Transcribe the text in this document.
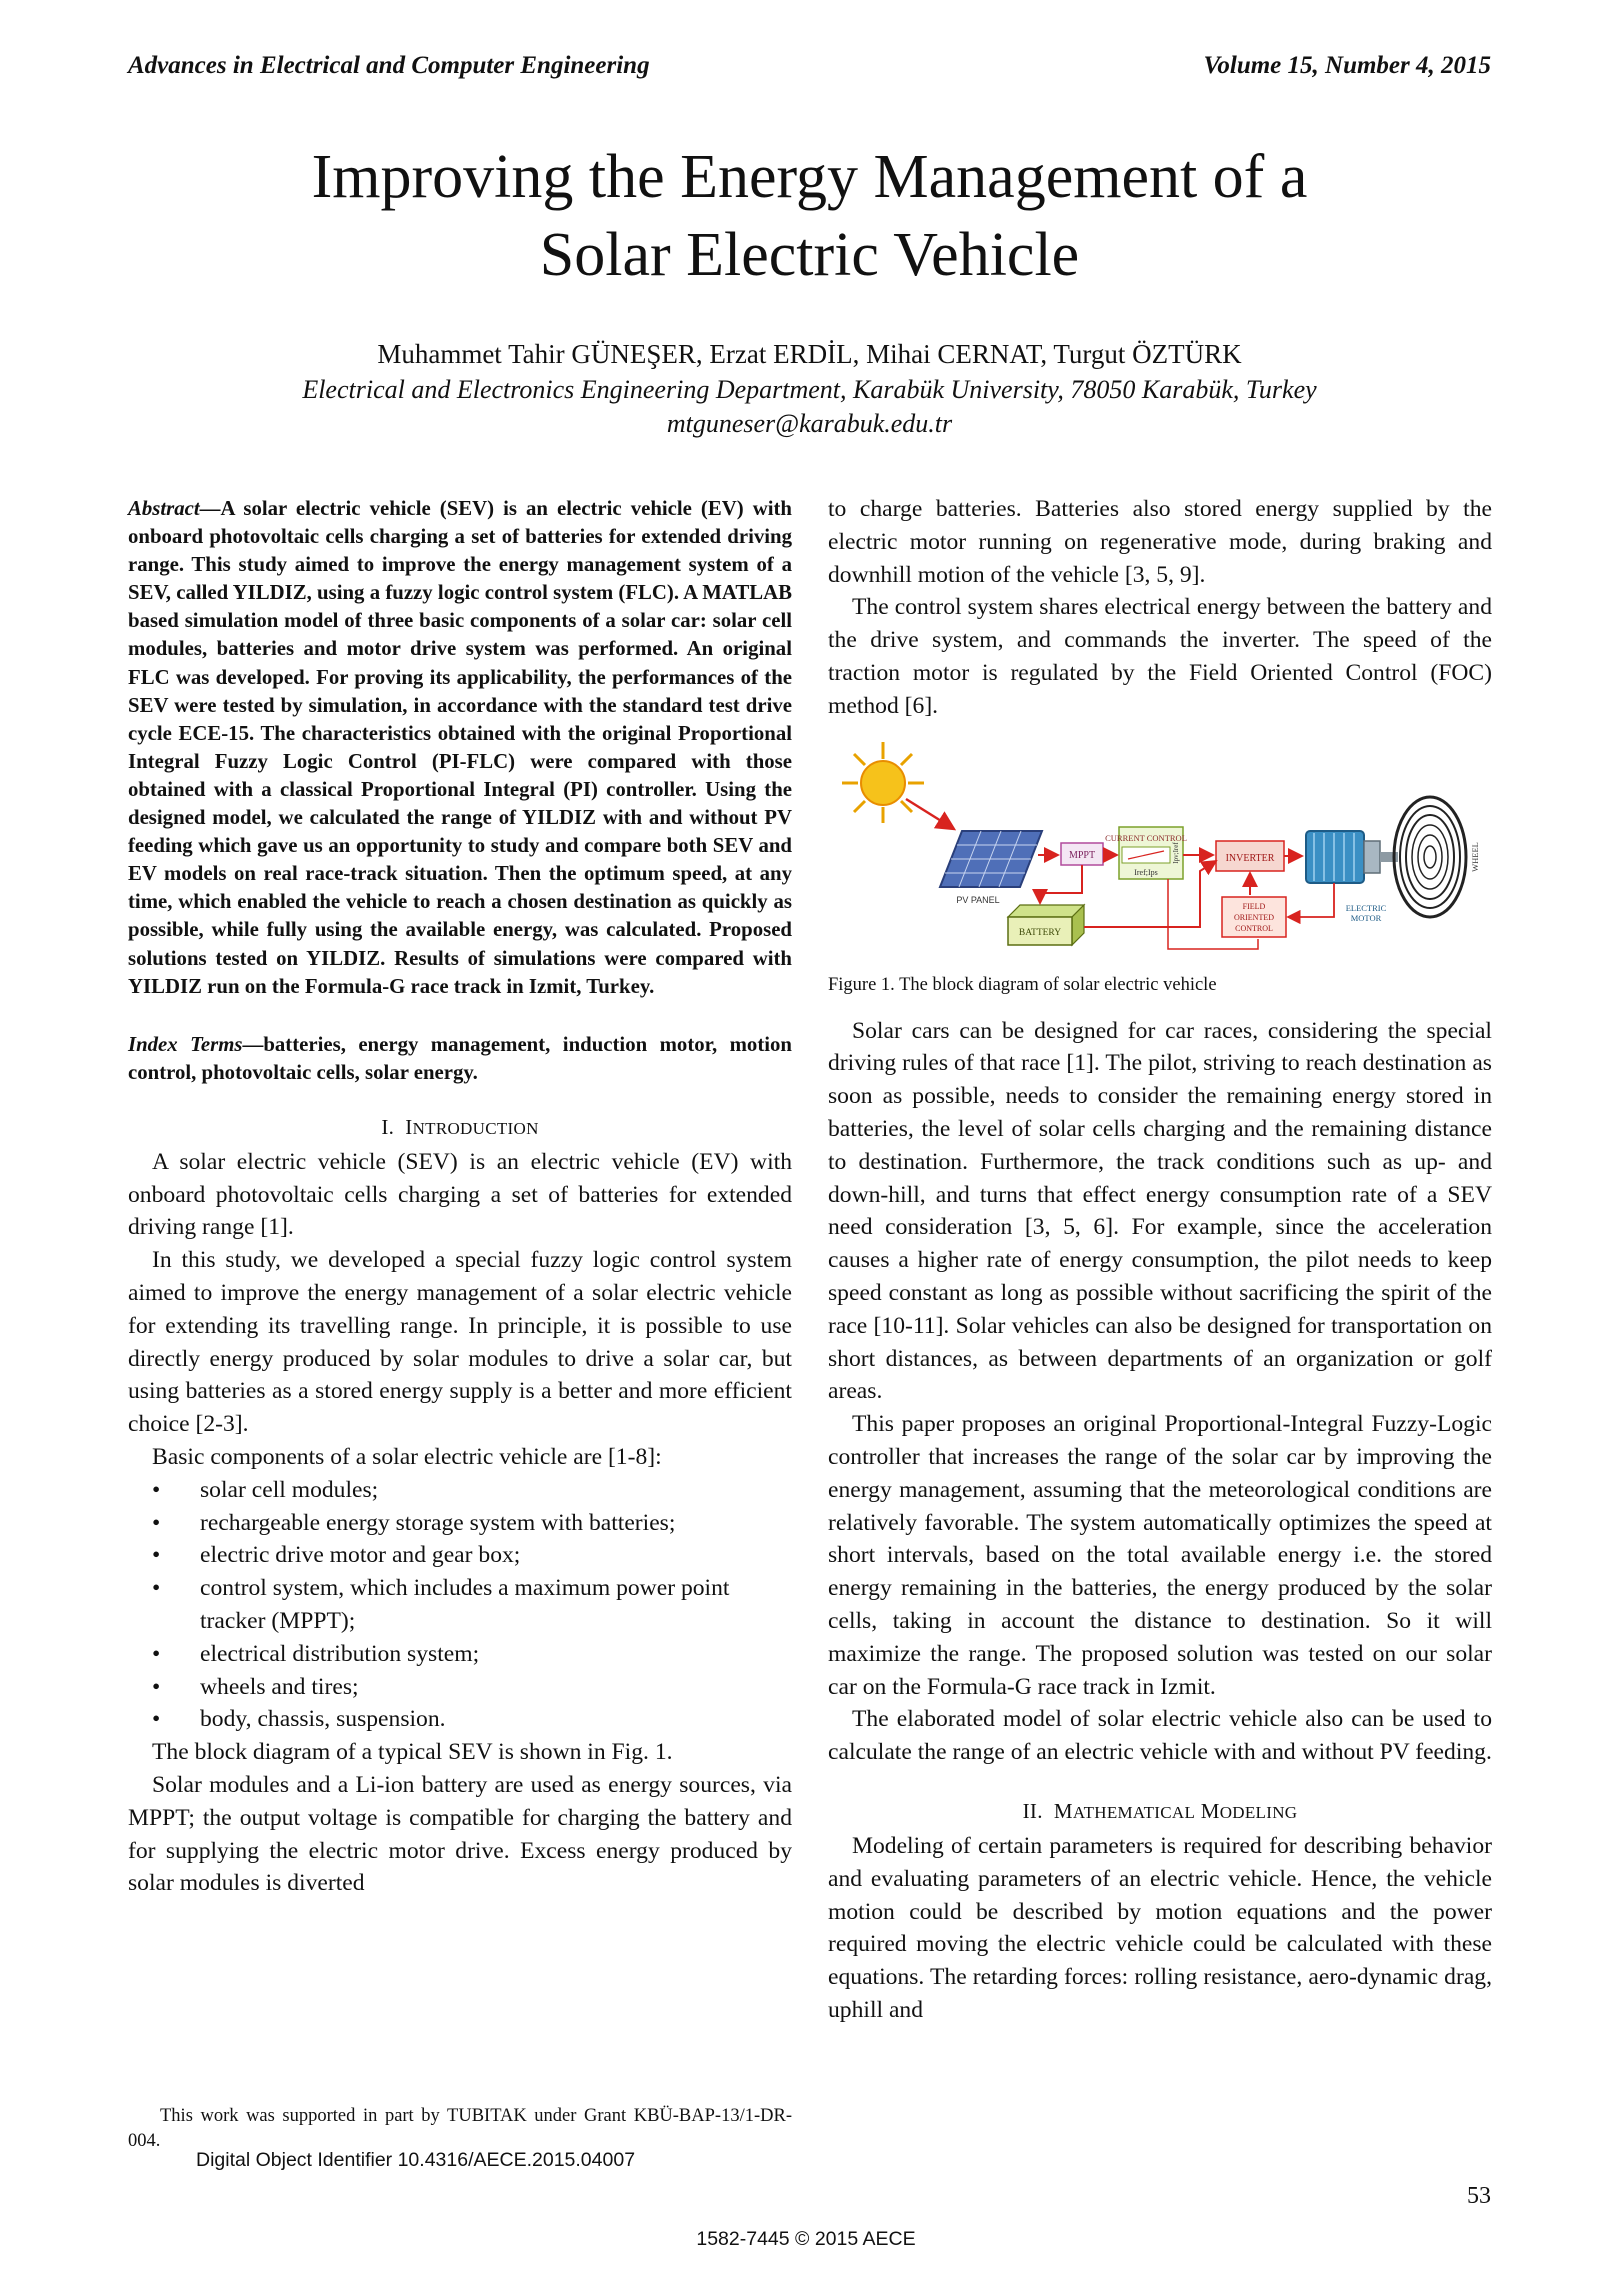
Advances in Electrical and Computer Engineering	Volume 15, Number 4, 2015
Improving the Energy Management of a
Solar Electric Vehicle
Muhammet Tahir GÜNEŞER, Erzat ERDİL, Mihai CERNAT, Turgut ÖZTÜRK
Electrical and Electronics Engineering Department, Karabük University, 78050 Karabük, Turkey
mtguneser@karabuk.edu.tr

Abstract—A solar electric vehicle (SEV) is an electric vehicle (EV) with onboard photovoltaic cells charging a set of batteries for extended driving range. This study aimed to improve the energy management system of a SEV, called YILDIZ, using a fuzzy logic control system (FLC). A MATLAB based simulation model of three basic components of a solar car: solar cell modules, batteries and motor drive system was performed. An original FLC was developed. For proving its applicability, the performances of the SEV were tested by simulation, in accordance with the standard test drive cycle ECE-15. The characteristics obtained with the original Proportional Integral Fuzzy Logic Control (PI-FLC) were compared with those obtained with a classical Proportional Integral (PI) controller. Using the designed model, we calculated the range of YILDIZ with and without PV feeding which gave us an opportunity to study and compare both SEV and EV models on real race-track situation. Then the optimum speed, at any time, which enabled the vehicle to reach a chosen destination as quickly as possible, while fully using the available energy, was calculated. Proposed solutions tested on YILDIZ. Results of simulations were compared with YILDIZ run on the Formula-G race track in Izmit, Turkey.

Index Terms—batteries, energy management, induction motor, motion control, photovoltaic cells, solar energy.

I. INTRODUCTION

A solar electric vehicle (SEV) is an electric vehicle (EV) with onboard photovoltaic cells charging a set of batteries for extended driving range [1].

In this study, we developed a special fuzzy logic control system aimed to improve the energy management of a solar electric vehicle for extending its travelling range. In principle, it is possible to use directly energy produced by solar modules to drive a solar car, but using batteries as a stored energy supply is a better and more efficient choice [2-3].

Basic components of a solar electric vehicle are [1-8]:

• solar cell modules;
• rechargeable energy storage system with batteries;
• electric drive motor and gear box;
• control system, which includes a maximum power point tracker (MPPT);
• electrical distribution system;
• wheels and tires;
• body, chassis, suspension.

The block diagram of a typical SEV is shown in Fig. 1.

Solar modules and a Li-ion battery are used as energy sources, via MPPT; the output voltage is compatible for charging the battery and for supplying the electric motor drive. Excess energy produced by solar modules is diverted

to charge batteries. Batteries also stored energy supplied by the electric motor running on regenerative mode, during braking and downhill motion of the vehicle [3, 5, 9].

The control system shares electrical energy between the battery and the drive system, and commands the inverter. The speed of the traction motor is regulated by the Field Oriented Control (FOC) method [6].

PV PANEL
MPPT
CURRENT CONTROL
Iref;Ips
Ipv;Iref	INVERTER
ELECTRIC
MOTOR
WHEEL
BATTERY
FIELD
ORIENTED
CONTROL
Figure 1. The block diagram of solar electric vehicle

Solar cars can be designed for car races, considering the special driving rules of that race [1]. The pilot, striving to reach destination as soon as possible, needs to consider the remaining energy stored in batteries, the level of solar cells charging and the remaining distance to destination. Furthermore, the track conditions such as up- and down-hill, and turns that effect energy consumption rate of a SEV need consideration [3, 5, 6]. For example, since the acceleration causes a higher rate of energy consumption, the pilot needs to keep speed constant as long as possible without sacrificing the spirit of the race [10-11]. Solar vehicles can also be designed for transportation on short distances, as between departments of an organization or golf areas.

This paper proposes an original Proportional-Integral Fuzzy-Logic controller that increases the range of the solar car by improving the energy management, assuming that the meteorological conditions are relatively favorable. The system automatically optimizes the speed at short intervals, based on the total available energy i.e. the stored energy remaining in the batteries, the energy produced by the solar cells, taking in account the distance to destination. So it will maximize the range. The proposed solution was tested on our solar car on the Formula-G race track in Izmit.

The elaborated model of solar electric vehicle also can be used to calculate the range of an electric vehicle with and without PV feeding.

II. MATHEMATICAL MODELING

Modeling of certain parameters is required for describing behavior and evaluating parameters of an electric vehicle. Hence, the vehicle motion could be described by motion equations and the power required moving the electric vehicle could be calculated with these equations. The retarding forces: rolling resistance, aero-dynamic drag, uphill and

This work was supported in part by TUBITAK under Grant KBÜ-BAP-13/1-DR-004.
Digital Object Identifier 10.4316/AECE.2015.04007
53
1582-7445 © 2015 AECE
